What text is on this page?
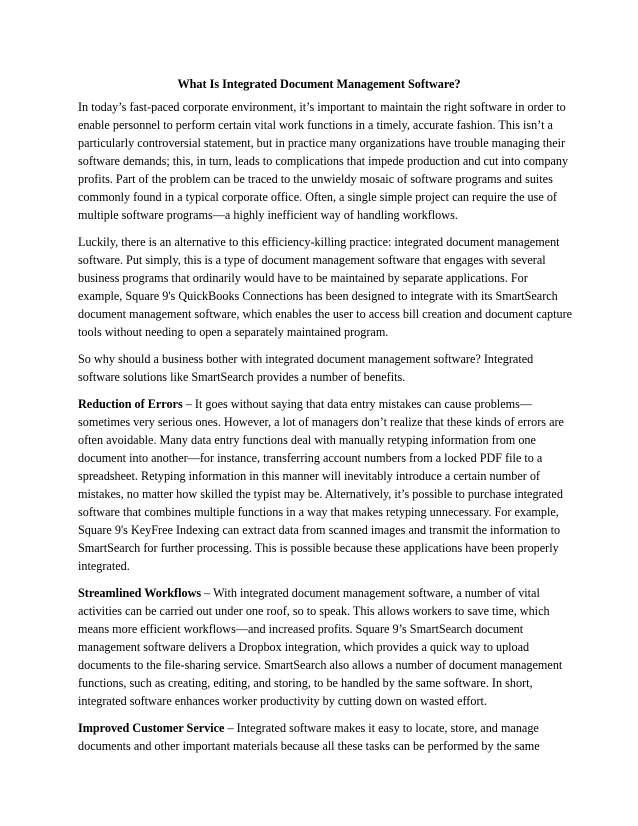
What Is Integrated Document Management Software?

In today’s fast-paced corporate environment, it’s important to maintain the right software in order to enable personnel to perform certain vital work functions in a timely, accurate fashion. This isn’t a particularly controversial statement, but in practice many organizations have trouble managing their software demands; this, in turn, leads to complications that impede production and cut into company profits. Part of the problem can be traced to the unwieldy mosaic of software programs and suites commonly found in a typical corporate office. Often, a single simple project can require the use of multiple software programs—a highly inefficient way of handling workflows.

Luckily, there is an alternative to this efficiency-killing practice: integrated document management software. Put simply, this is a type of document management software that engages with several business programs that ordinarily would have to be maintained by separate applications. For example, Square 9's QuickBooks Connections has been designed to integrate with its SmartSearch document management software, which enables the user to access bill creation and document capture tools without needing to open a separately maintained program.

So why should a business bother with integrated document management software? Integrated software solutions like SmartSearch provides a number of benefits.

Reduction of Errors – It goes without saying that data entry mistakes can cause problems—sometimes very serious ones. However, a lot of managers don’t realize that these kinds of errors are often avoidable. Many data entry functions deal with manually retyping information from one document into another—for instance, transferring account numbers from a locked PDF file to a spreadsheet. Retyping information in this manner will inevitably introduce a certain number of mistakes, no matter how skilled the typist may be. Alternatively, it’s possible to purchase integrated software that combines multiple functions in a way that makes retyping unnecessary. For example, Square 9's KeyFree Indexing can extract data from scanned images and transmit the information to SmartSearch for further processing. This is possible because these applications have been properly integrated.

Streamlined Workflows – With integrated document management software, a number of vital activities can be carried out under one roof, so to speak. This allows workers to save time, which means more efficient workflows—and increased profits. Square 9’s SmartSearch document management software delivers a Dropbox integration, which provides a quick way to upload documents to the file-sharing service. SmartSearch also allows a number of document management functions, such as creating, editing, and storing, to be handled by the same software. In short, integrated software enhances worker productivity by cutting down on wasted effort.

Improved Customer Service – Integrated software makes it easy to locate, store, and manage documents and other important materials because all these tasks can be performed by the same
